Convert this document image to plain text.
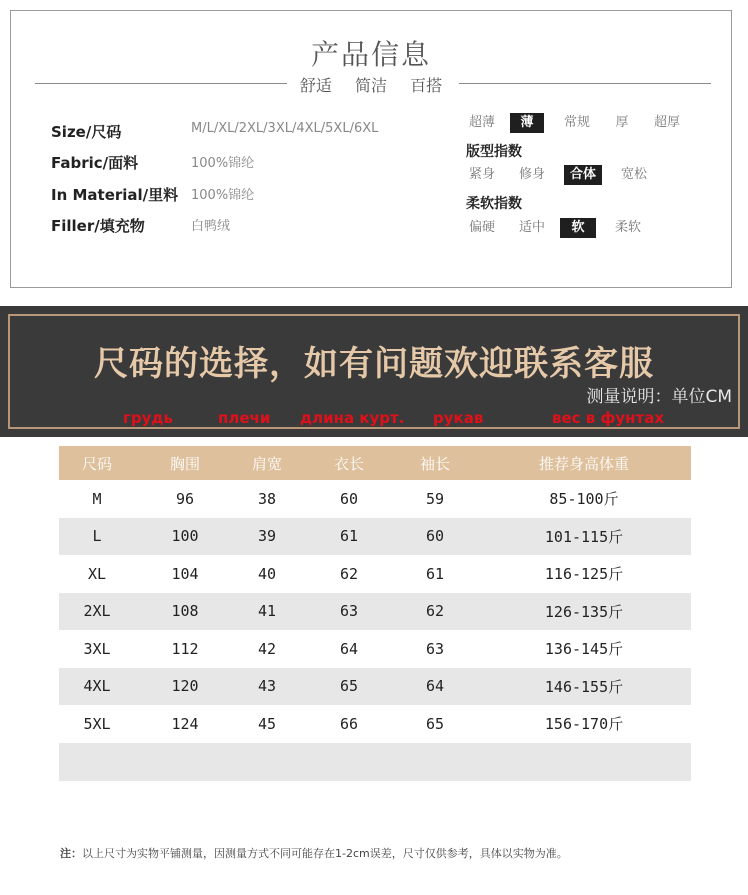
产品信息
舒适 简洁 百搭
Size/尺码	M/L/XL/2XL/3XL/4XL/5XL/6XL
Fabric/面料	100%锦纶
In Material/里料 100%锦纶
Filler/填充物	白鸭绒
超薄	薄	常规	厚	超厚
版型指数
紧身 修身	合体	宽松
柔软指数
偏硬 适中	软	柔软
尺码的选择，如有问题欢迎联系客服
测量说明：单位CM
грудь	плечи длина курт. рукав	вес в фунтах
尺码	胸围	肩宽	衣长	袖长	推荐身高体重
M	96	38	60	59	85-100斤
L	100	39	61	60	101-115斤
XL	104	40	62	61	116-125斤
2XL	108	41	63	62	126-135斤
3XL	112	42	64	63	136-145斤
4XL	120	43	65	64	146-155斤
5XL	124	45	66	65	156-170斤
注：以上尺寸为实物平铺测量，因测量方式不同可能存在1-2cm误差，尺寸仅供参考，具体以实物为准。
